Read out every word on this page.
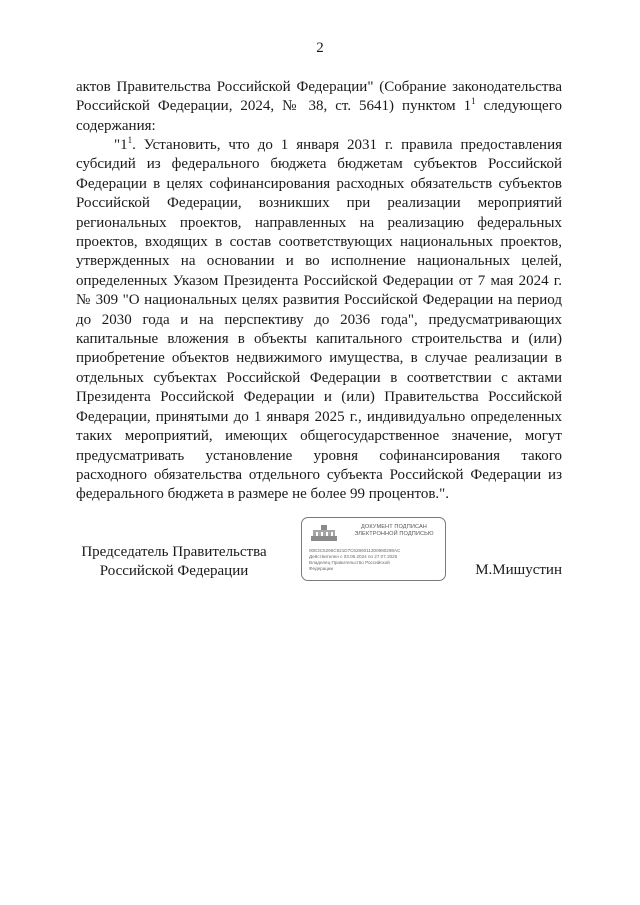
2

актов Правительства Российской Федерации" (Собрание законодательства Российской Федерации, 2024, № 38, ст. 5641) пунктом $1^1$ следующего содержания:

"$1^1$. Установить, что до 1 января 2031 г. правила предоставления субсидий из федерального бюджета бюджетам субъектов Российской Федерации в целях софинансирования расходных обязательств субъектов Российской Федерации, возникших при реализации мероприятий региональных проектов, направленных на реализацию федеральных проектов, входящих в состав соответствующих национальных проектов, утвержденных на основании и во исполнение национальных целей, определенных Указом Президента Российской Федерации от 7 мая 2024 г. № 309 "О национальных целях развития Российской Федерации на период до 2030 года и на перспективу до 2036 года", предусматривающих капитальные вложения в объекты капитального строительства и (или) приобретение объектов недвижимого имущества, в случае реализации в отдельных субъектах Российской Федерации в соответствии с актами Президента Российской Федерации и (или) Правительства Российской Федерации, принятыми до 1 января 2025 г., индивидуально определенных таких мероприятий, имеющих общегосударственное значение, могут предусматривать установление уровня софинансирования такого расходного обязательства отдельного субъекта Российской Федерации из федерального бюджета в размере не более 99 процентов.".

Председатель Правительства
Российской Федерации
ДОКУМЕНТ ПОДПИСАН
ЭЛЕКТРОННОЙ ПОДПИСЬЮ
00E3C5295C921D7C6286011300980298AC
Действителен с 03.06.2024 по 27.07.2025
Владелец Правительство Российской
Федерации	М.Мишустин
